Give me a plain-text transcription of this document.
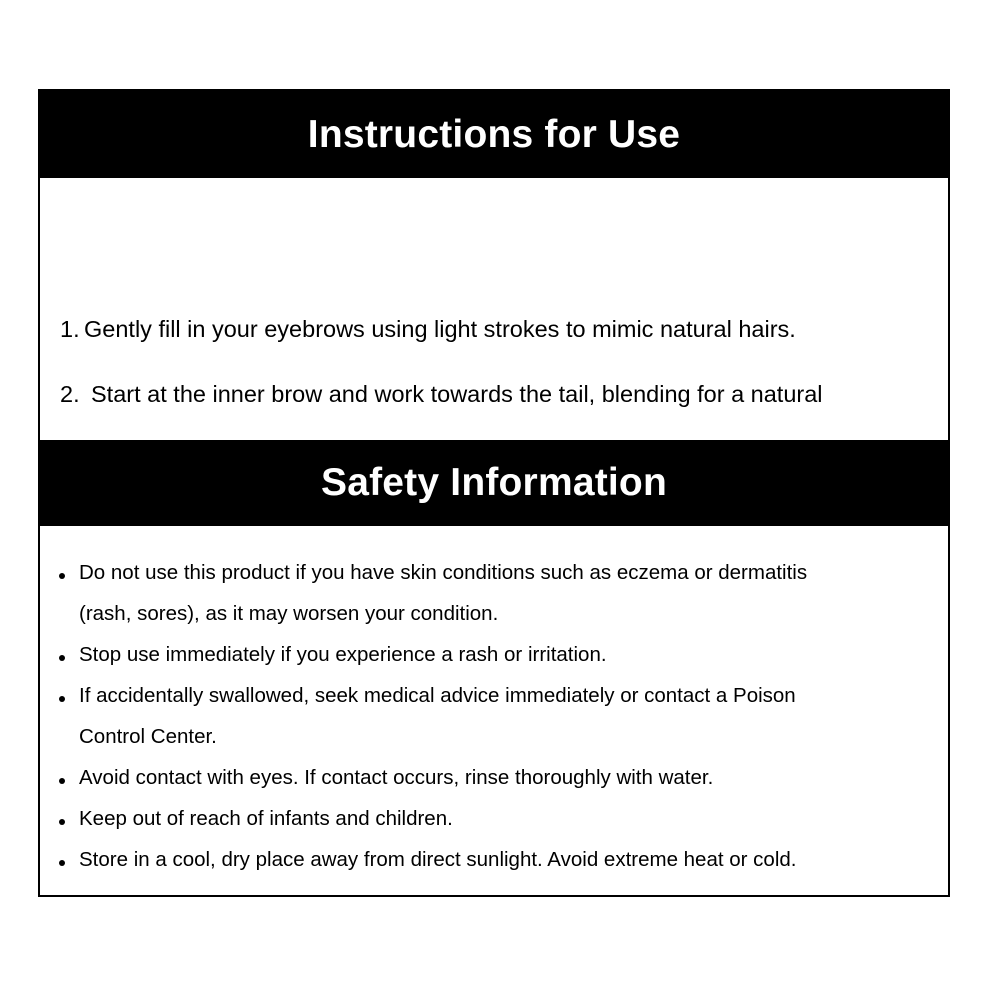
Instructions for Use
1. Gently fill in your eyebrows using light strokes to mimic natural hairs.
2. Start at the inner brow and work towards the tail, blending for a natural
Safety Information
Do not use this product if you have skin conditions such as eczema or dermatitis
(rash, sores), as it may worsen your condition.
Stop use immediately if you experience a rash or irritation.
If accidentally swallowed, seek medical advice immediately or contact a Poison
Control Center.
Avoid contact with eyes. If contact occurs, rinse thoroughly with water.
Keep out of reach of infants and children.
Store in a cool, dry place away from direct sunlight. Avoid extreme heat or cold.
